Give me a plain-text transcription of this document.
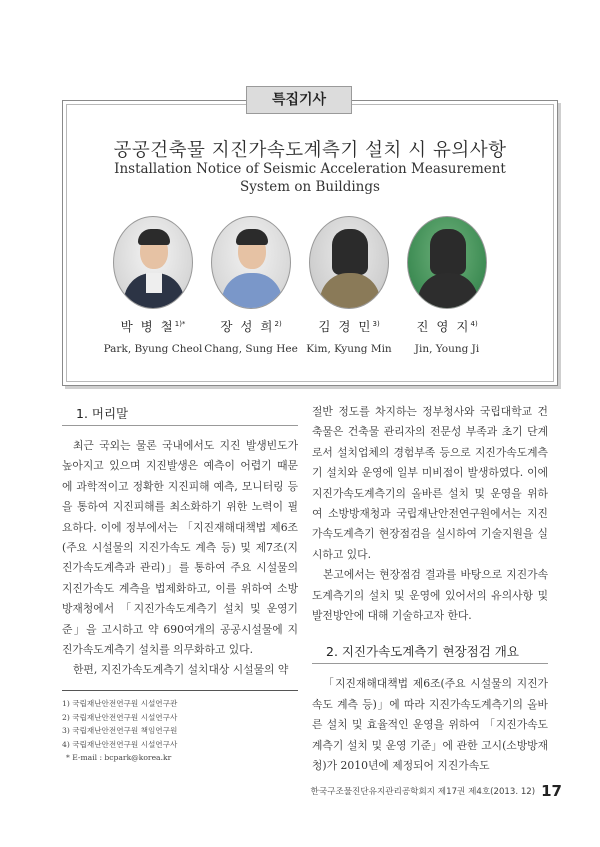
특집기사
공공건축물 지진가속도계측기 설치 시 유의사항
Installation Notice of Seismic Acceleration Measurement
System on Buildings
박 병 철$^{1)*}$
Park, Byung Cheol
장 성 희$^{2)}$
Chang, Sung Hee
김 경 민$^{3)}$
Kim, Kyung Min
진 영 지$^{4)}$
Jin, Young Ji
1. 머리말

최근 국외는 물론 국내에서도 지진 발생빈도가 높아지고 있으며 지진발생은 예측이 어렵기 때문에 과학적이고 정확한 지진피해 예측, 모니터링 등을 통하여 지진피해를 최소화하기 위한 노력이 필요하다. 이에 정부에서는 「지진재해대책법 제6조(주요 시설물의 지진가속도 계측 등) 및 제7조(지진가속도계측과 관리)」를 통하여 주요 시설물의 지진가속도 계측을 법제화하고, 이를 위하여 소방방재청에서 「지진가속도계측기 설치 및 운영기준」을 고시하고 약 690여개의 공공시설물에 지진가속도계측기 설치를 의무화하고 있다.

한편, 지진가속도계측기 설치대상 시설물의 약

1) 국립재난안전연구원 시설연구관
2) 국립재난안전연구원 시설연구사
3) 국립재난안전연구원 책임연구원
4) 국립재난안전연구원 시설연구사
* E-mail : bcpark@korea.kr

절반 정도를 차지하는 정부청사와 국립대학교 건축물은 건축물 관리자의 전문성 부족과 초기 단계로서 설치업체의 경험부족 등으로 지진가속도계측기 설치와 운영에 일부 미비점이 발생하였다. 이에 지진가속도계측기의 올바른 설치 및 운영을 위하여 소방방재청과 국립재난안전연구원에서는 지진가속도계측기 현장점검을 실시하여 기술지원을 실시하고 있다.

본고에서는 현장점검 결과를 바탕으로 지진가속도계측기의 설치 및 운영에 있어서의 유의사항 및 발전방안에 대해 기술하고자 한다.

2. 지진가속도계측기 현장점검 개요

「지진재해대책법 제6조(주요 시설물의 지진가속도 계측 등)」에 따라 지진가속도계측기의 올바른 설치 및 효율적인 운영을 위하여 「지진가속도계측기 설치 및 운영 기준」에 관한 고시(소방방재청)가 2010년에 제정되어 지진가속도

한국구조물진단유지관리공학회지 제17권 제4호(2013. 12) 17
